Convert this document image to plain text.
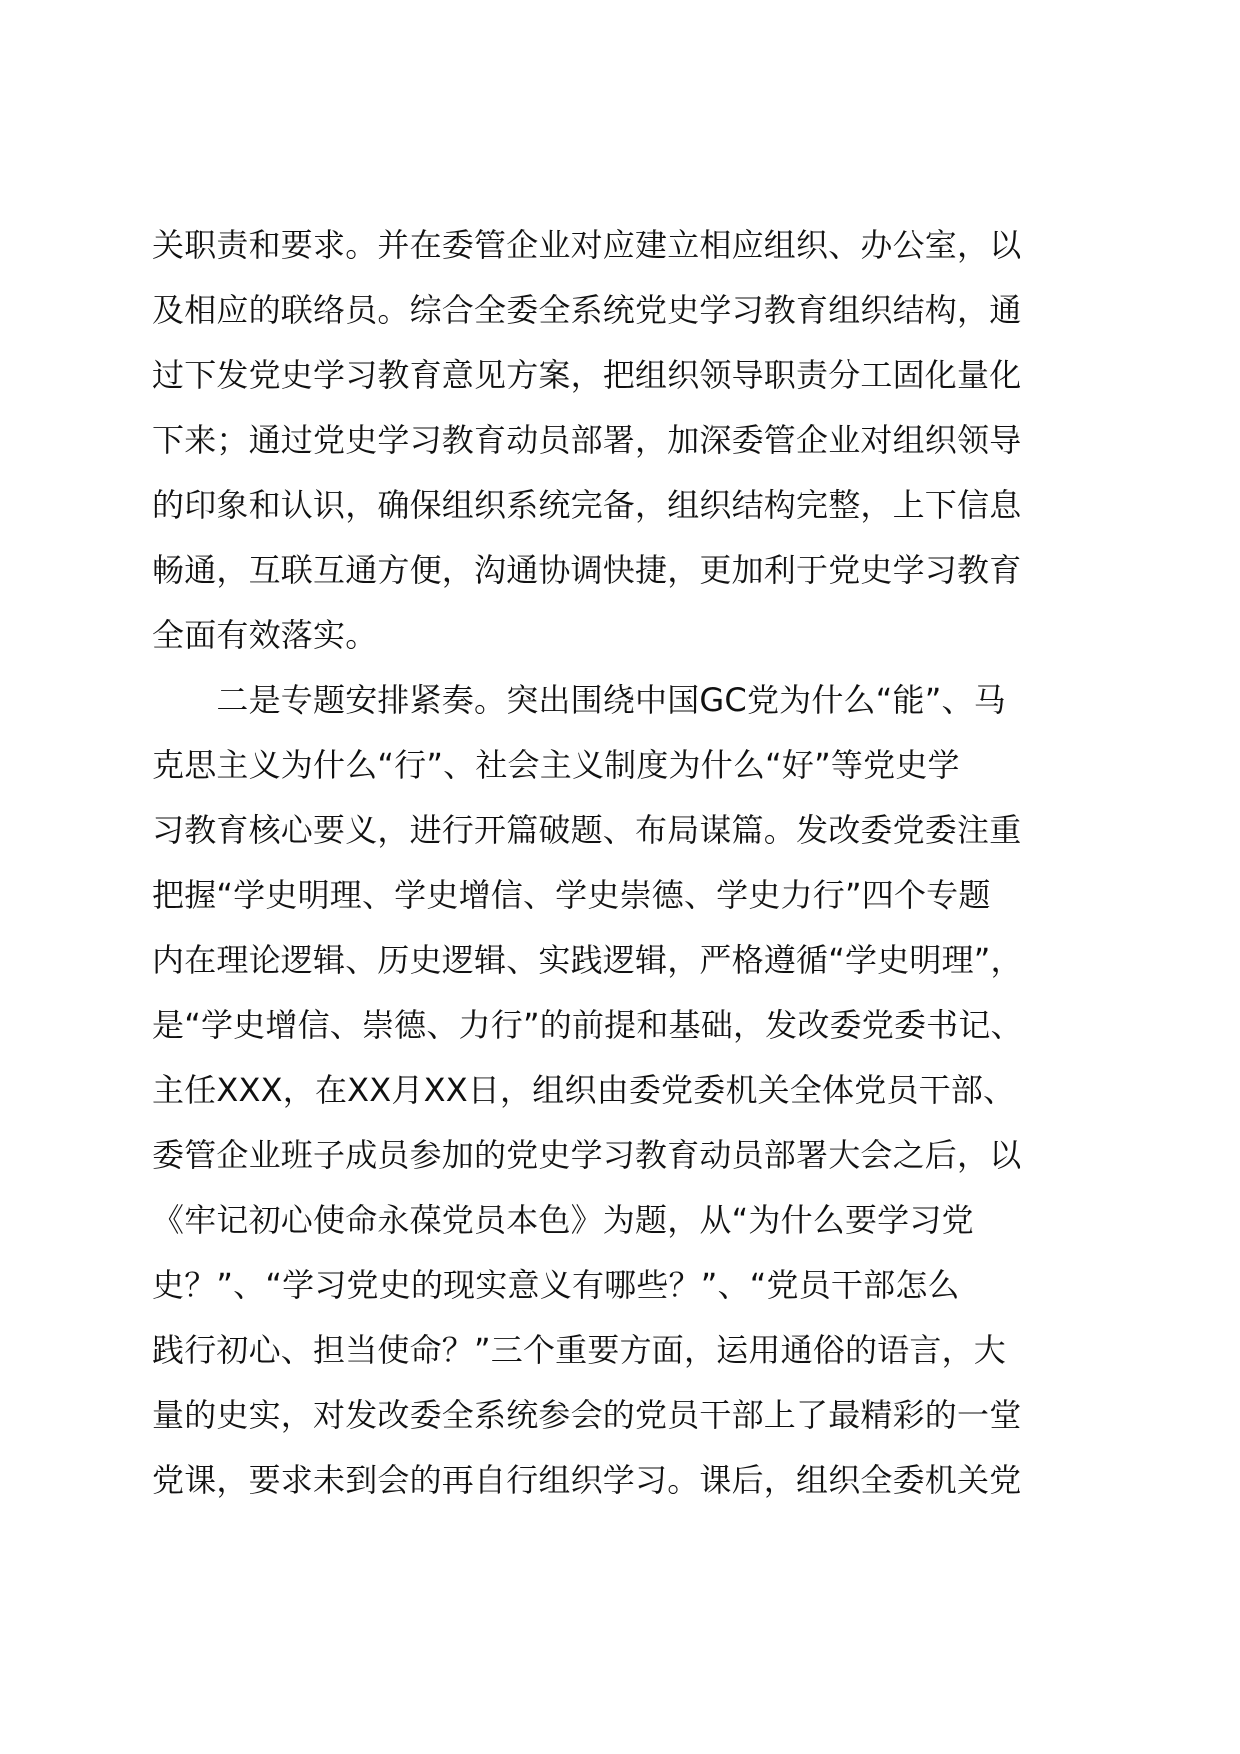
关职责和要求。并在委管企业对应建立相应组织、办公室，以
及相应的联络员。综合全委全系统党史学习教育组织结构，通
过下发党史学习教育意见方案，把组织领导职责分工固化量化
下来；通过党史学习教育动员部署，加深委管企业对组织领导
的印象和认识，确保组织系统完备，组织结构完整，上下信息
畅通，互联互通方便，沟通协调快捷，更加利于党史学习教育
全面有效落实。
　　二是专题安排紧奏。突出围绕中国GC党为什么“能”、马
克思主义为什么“行”、社会主义制度为什么“好”等党史学
习教育核心要义，进行开篇破题、布局谋篇。发改委党委注重
把握“学史明理、学史增信、学史崇德、学史力行”四个专题
内在理论逻辑、历史逻辑、实践逻辑，严格遵循“学史明理”，
是“学史增信、崇德、力行”的前提和基础，发改委党委书记、
主任XXX，在XX月XX日，组织由委党委机关全体党员干部、
委管企业班子成员参加的党史学习教育动员部署大会之后，以
《牢记初心使命永葆党员本色》为题，从“为什么要学习党
史？”、“学习党史的现实意义有哪些？”、“党员干部怎么
践行初心、担当使命？”三个重要方面，运用通俗的语言，大
量的史实，对发改委全系统参会的党员干部上了最精彩的一堂
党课，要求未到会的再自行组织学习。课后，组织全委机关党
